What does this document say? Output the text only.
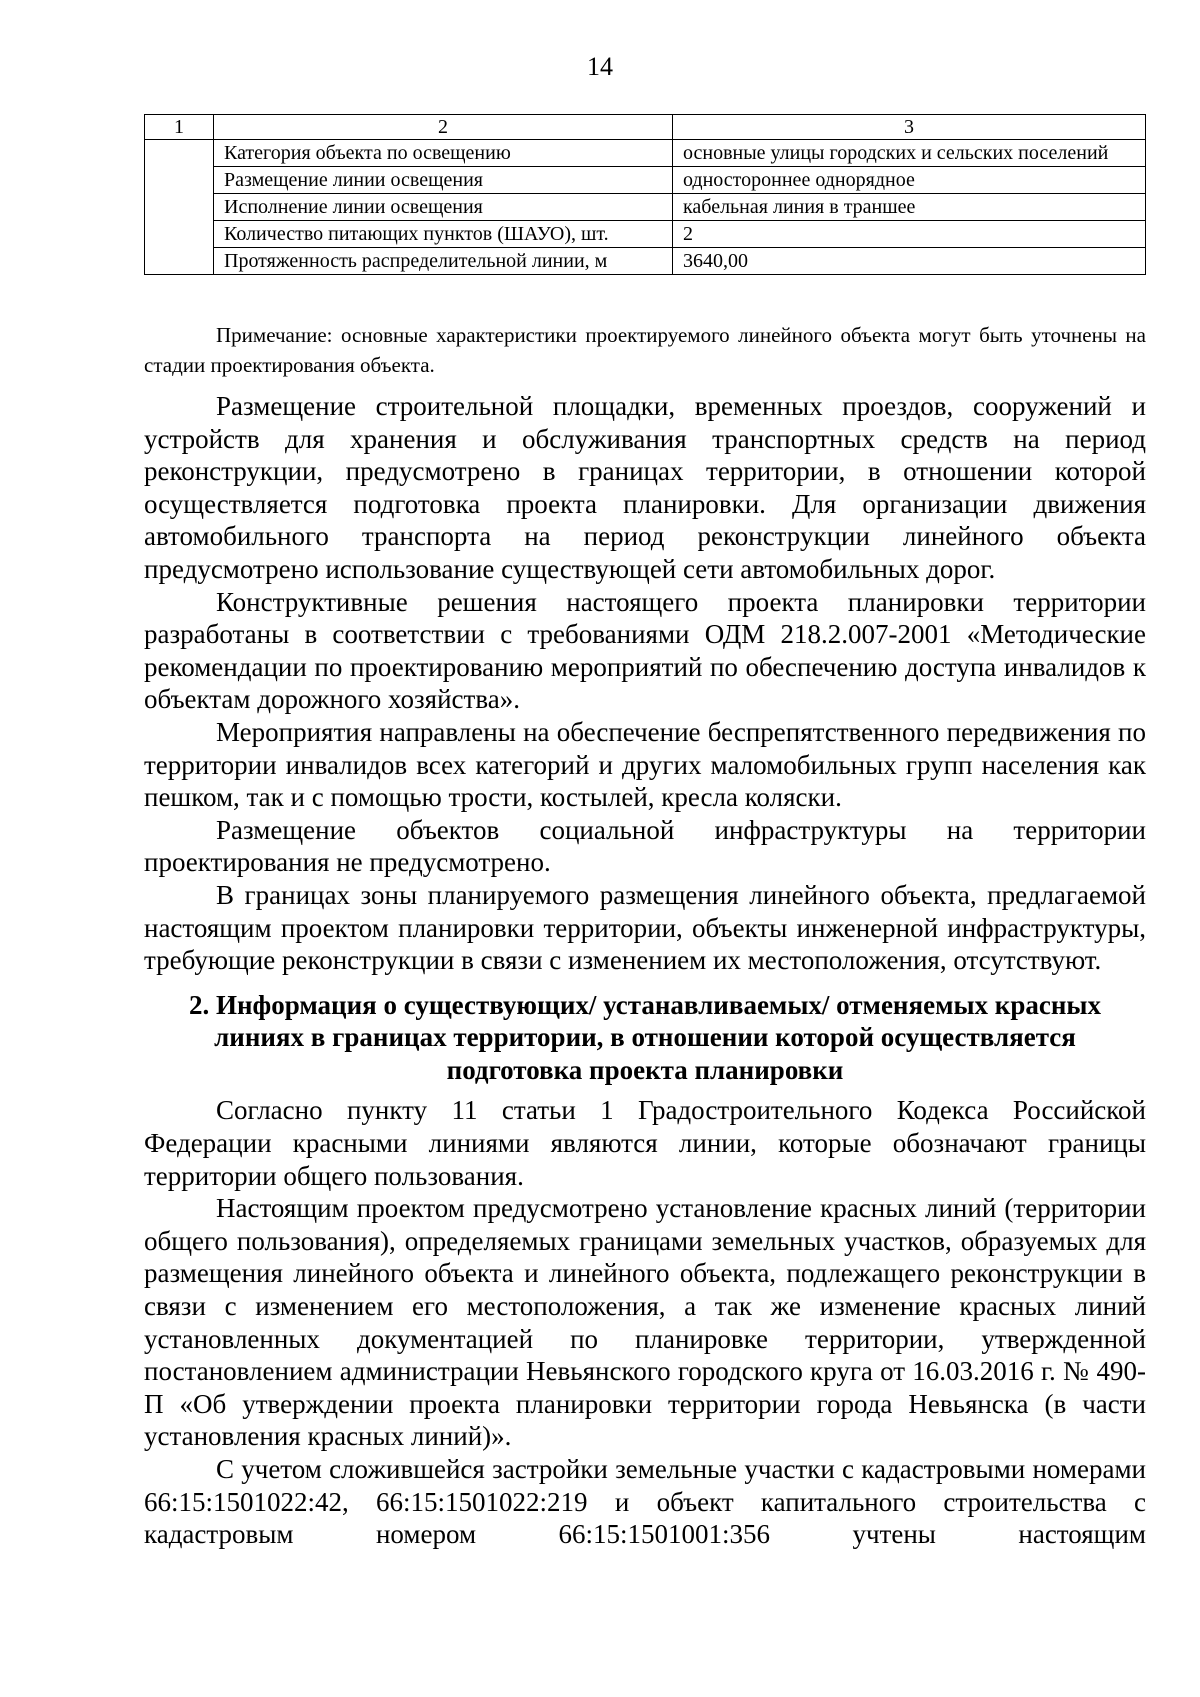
14
1	2	3
	Категория объекта по освещению	основные улицы городских и сельских поселений
	Размещение линии освещения	одностороннее однорядное
	Исполнение линии освещения	кабельная линия в траншее
	Количество питающих пунктов (ШАУО), шт.	2
	Протяженность распределительной линии, м	3640,00

Примечание: основные характеристики проектируемого линейного объекта могут быть уточнены на стадии проектирования объекта.

Размещение строительной площадки, временных проездов, сооружений и устройств для хранения и обслуживания транспортных средств на период реконструкции, предусмотрено в границах территории, в отношении которой осуществляется подготовка проекта планировки. Для организации движения автомобильного транспорта на период реконструкции линейного объекта предусмотрено использование существующей сети автомобильных дорог.

Конструктивные решения настоящего проекта планировки территории разработаны в соответствии с требованиями ОДМ 218.2.007-2001 «Методические рекомендации по проектированию мероприятий по обеспечению доступа инвалидов к объектам дорожного хозяйства».

Мероприятия направлены на обеспечение беспрепятственного передвижения по территории инвалидов всех категорий и других маломобильных групп населения как пешком, так и с помощью трости, костылей, кресла коляски.

Размещение объектов социальной инфраструктуры на территории проектирования не предусмотрено.

В границах зоны планируемого размещения линейного объекта, предлагаемой настоящим проектом планировки территории, объекты инженерной инфраструктуры, требующие реконструкции в связи с изменением их местоположения, отсутствуют.

2. Информация о существующих/ устанавливаемых/ отменяемых красных линиях в границах территории, в отношении которой осуществляется подготовка проекта планировки

Согласно пункту 11 статьи 1 Градостроительного Кодекса Российской Федерации красными линиями являются линии, которые обозначают границы территории общего пользования.

Настоящим проектом предусмотрено установление красных линий (территории общего пользования), определяемых границами земельных участков, образуемых для размещения линейного объекта и линейного объекта, подлежащего реконструкции в связи с изменением его местоположения, а так же изменение красных линий установленных документацией по планировке территории, утвержденной постановлением администрации Невьянского городского круга от 16.03.2016 г. № 490-П «Об утверждении проекта планировки территории города Невьянска (в части установления красных линий)».

С учетом сложившейся застройки земельные участки с кадастровыми номерами 66:15:1501022:42, 66:15:1501022:219 и объект капитального строительства с кадастровым номером 66:15:1501001:356 учтены настоящим
